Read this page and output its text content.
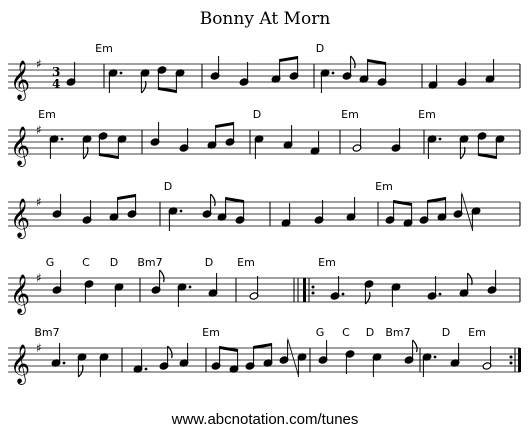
Bonny At Morn
𝄞 ♯
3
4
𝄞 ♯
𝄞 ♯
𝄞 ♯
𝄞 ♯
Em	D
Em	D	Em	Em
D	Em
G	C D Bm7	D Em	Em
Bm7	Em	G C D Bm7	D Em
www.abcnotation.com/tunes
